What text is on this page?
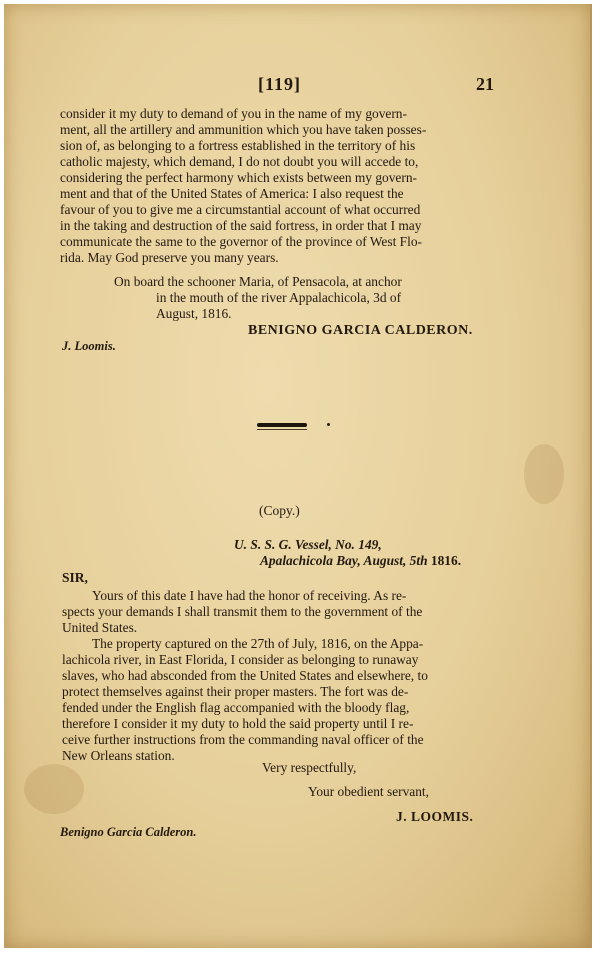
[119]	21
consider it my duty to demand of you in the name of my govern-
ment, all the artillery and ammunition which you have taken posses-
sion of, as belonging to a fortress established in the territory of his
catholic majesty, which demand, I do not doubt you will accede to,
considering the perfect harmony which exists between my govern-
ment and that of the United States of America: I also request the
favour of you to give me a circumstantial account of what occurred
in the taking and destruction of the said fortress, in order that I may
communicate the same to the governor of the province of West Flo-
rida. May God preserve you many years.
On board the schooner Maria, of Pensacola, at anchor
in the mouth of the river Appalachicola, 3d of
August, 1816.
BENIGNO GARCIA CALDERON.
J. Loomis.
(Copy.)
U. S. S. G. Vessel, No. 149,
Apalachicola Bay, August, 5th 1816.
SIR,
Yours of this date I have had the honor of receiving. As re-
spects your demands I shall transmit them to the government of the
United States.
The property captured on the 27th of July, 1816, on the Appa-
lachicola river, in East Florida, I consider as belonging to runaway
slaves, who had absconded from the United States and elsewhere, to
protect themselves against their proper masters. The fort was de-
fended under the English flag accompanied with the bloody flag,
therefore I consider it my duty to hold the said property until I re-
ceive further instructions from the commanding naval officer of the
New Orleans station.
Very respectfully,
Your obedient servant,
J. LOOMIS.
Benigno Garcia Calderon.
